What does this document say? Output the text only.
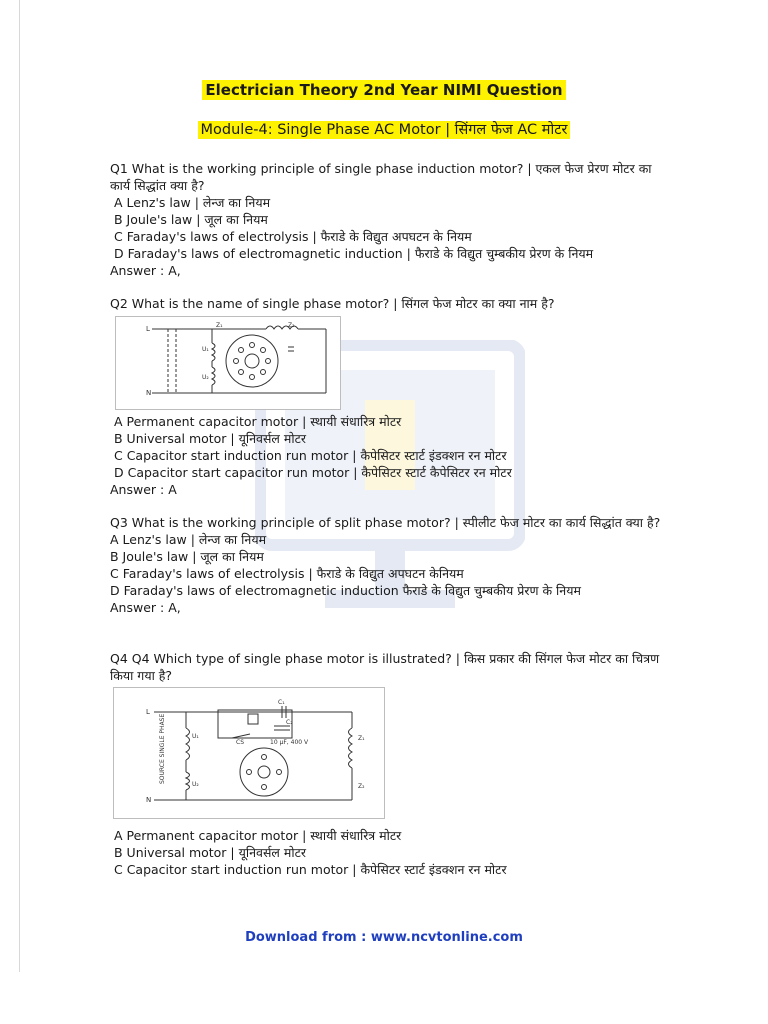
Electrician Theory 2nd Year NIMI Question
Module-4: Single Phase AC Motor | सिंगल फेज AC मोटर

Q1 What is the working principle of single phase induction motor? | एकल फेज प्रेरण मोटर का कार्य सिद्धांत क्या है?

A Lenz's law | लेन्ज का नियम

B Joule's law | जूल का नियम

C Faraday's laws of electrolysis | फैराडे के विद्युत अपघटन के नियम

D Faraday's laws of electromagnetic induction | फैराडे के विद्युत चुम्बकीय प्रेरण के नियम

Answer : A,

Q2 What is the name of single phase motor? | सिंगल फेज मोटर का क्या नाम है?

L
N
Z₁	Z₂
U₁
U₂

A Permanent capacitor motor | स्थायी संधारित्र मोटर

B Universal motor | यूनिवर्सल मोटर

C Capacitor start induction run motor | कैपेसिटर स्टार्ट इंडक्शन रन मोटर

D Capacitor start capacitor run motor | कैपेसिटर स्टार्ट कैपेसिटर रन मोटर

Answer : A

Q3 What is the working principle of split phase motor? | स्पीलीट फेज मोटर का कार्य सिद्धांत क्या है?

A Lenz's law | लेन्ज का नियम

B Joule's law | जूल का नियम

C Faraday's laws of electrolysis | फैराडे के विद्युत अपघटन केनियम

D Faraday's laws of electromagnetic induction फैराडे के विद्युत चुम्बकीय प्रेरण के नियम

Answer : A,

Q4 Q4 Which type of single phase motor is illustrated? | किस प्रकार की सिंगल फेज मोटर का चित्रण किया गया है?

L
N
SOURCE SINGLE PHASE	U₁
U₂
CS
C₁
C₂
10 μF, 400 V
Z₁
Z₂

A Permanent capacitor motor | स्थायी संधारित्र मोटर

B Universal motor | यूनिवर्सल मोटर

C Capacitor start induction run motor | कैपेसिटर स्टार्ट इंडक्शन रन मोटर

Download from : www.ncvtonline.com
